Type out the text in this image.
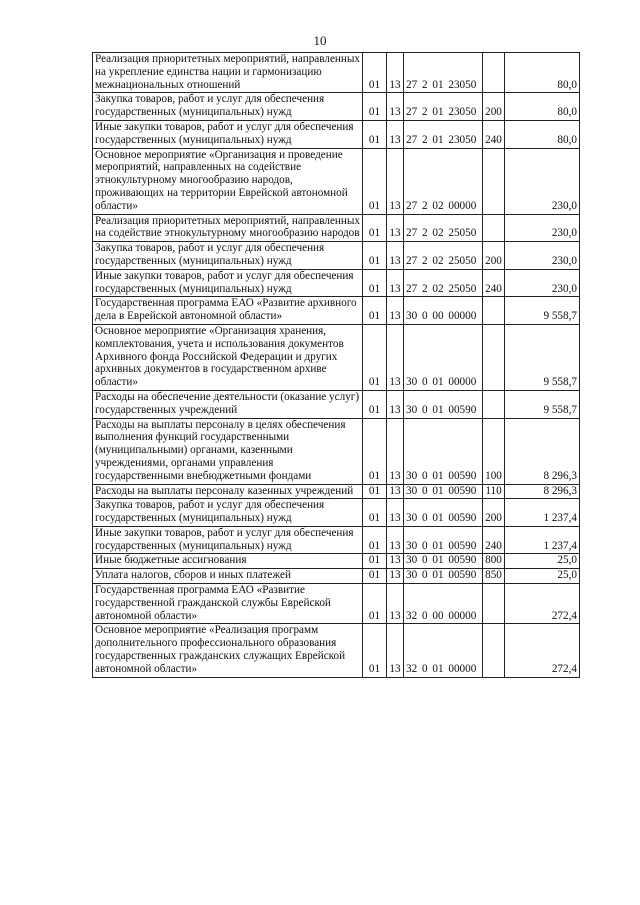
10
Реализация приоритетных мероприятий, направленных на укрепление единства нации и гармонизацию межнациональных отношений	01	13	27 2 01 23050		80,0
Закупка товаров, работ и услуг для обеспечения государственных (муниципальных) нужд	01	13	27 2 01 23050	200	80,0
Иные закупки товаров, работ и услуг для обеспечения государственных (муниципальных) нужд	01	13	27 2 01 23050	240	80,0
Основное мероприятие «Организация и проведение мероприятий, направленных на содействие этнокультурному многообразию народов, проживающих на территории Еврейской автономной области»	01	13	27 2 02 00000		230,0
Реализация приоритетных мероприятий, направленных на содействие этнокультурному многообразию народов	01	13	27 2 02 25050		230,0
Закупка товаров, работ и услуг для обеспечения государственных (муниципальных) нужд	01	13	27 2 02 25050	200	230,0
Иные закупки товаров, работ и услуг для обеспечения государственных (муниципальных) нужд	01	13	27 2 02 25050	240	230,0
Государственная программа ЕАО «Развитие архивного дела в Еврейской автономной области»	01	13	30 0 00 00000		9 558,7
Основное мероприятие «Организация хранения, комплектования, учета и использования документов Архивного фонда Российской Федерации и других архивных документов в государственном архиве области»	01	13	30 0 01 00000		9 558,7
Расходы на обеспечение деятельности (оказание услуг) государственных учреждений	01	13	30 0 01 00590		9 558,7
Расходы на выплаты персоналу в целях обеспечения выполнения функций государственными (муниципальными) органами, казенными учреждениями, органами управления государственными внебюджетными фондами	01	13	30 0 01 00590	100	8 296,3
Расходы на выплаты персоналу казенных учреждений	01	13	30 0 01 00590	110	8 296,3
Закупка товаров, работ и услуг для обеспечения государственных (муниципальных) нужд	01	13	30 0 01 00590	200	1 237,4
Иные закупки товаров, работ и услуг для обеспечения государственных (муниципальных) нужд	01	13	30 0 01 00590	240	1 237,4
Иные бюджетные ассигнования	01	13	30 0 01 00590	800	25,0
Уплата налогов, сборов и иных платежей	01	13	30 0 01 00590	850	25,0
Государственная программа ЕАО «Развитие государственной гражданской службы Еврейской автономной области»	01	13	32 0 00 00000		272,4
Основное мероприятие «Реализация программ дополнительного профессионального образования государственных гражданских служащих Еврейской автономной области»	01	13	32 0 01 00000		272,4
